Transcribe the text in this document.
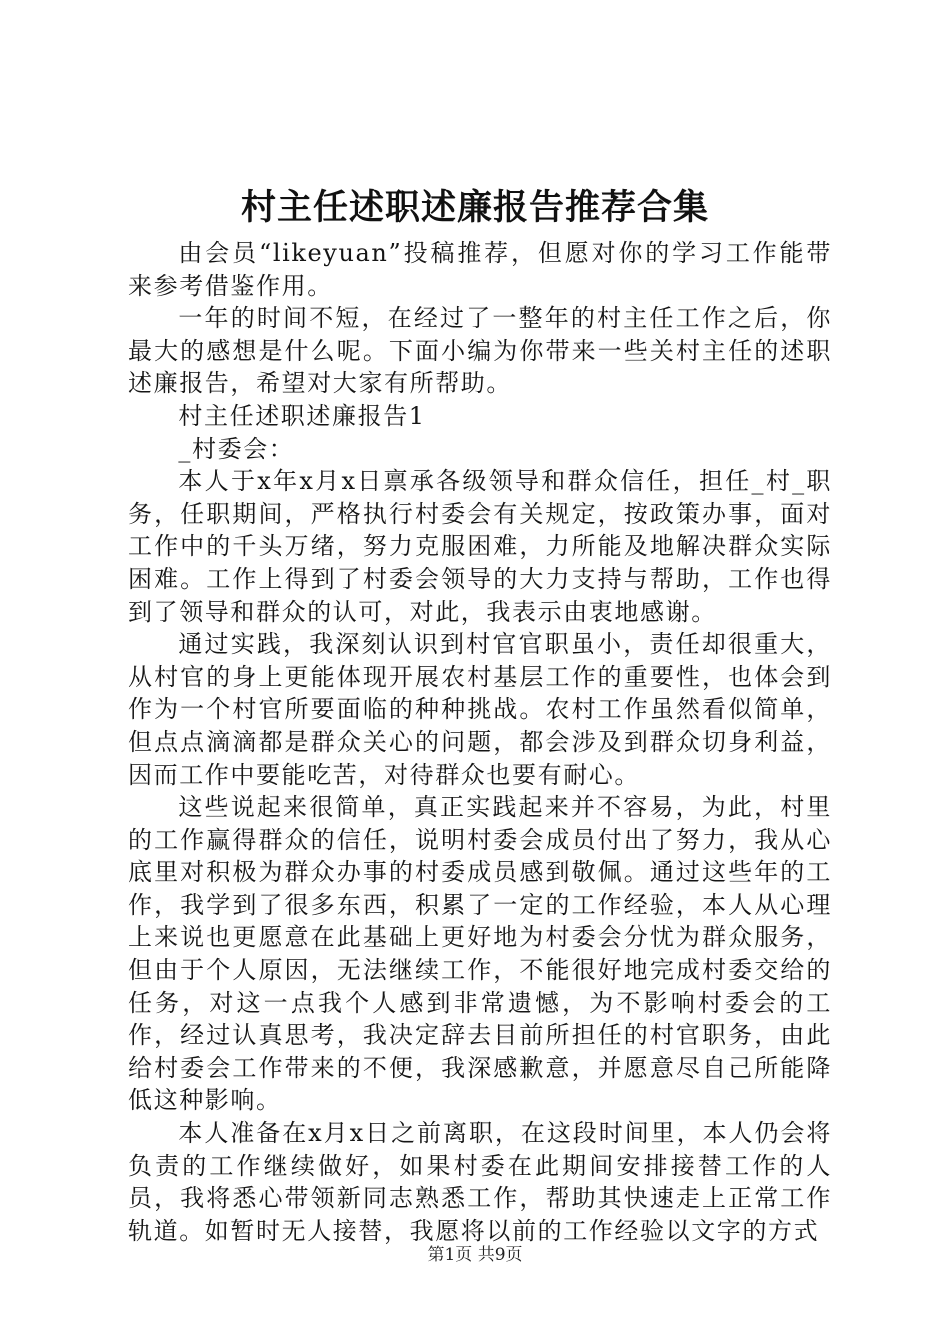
村主任述职述廉报告推荐合集

由会员“likeyuan”投稿推荐，但愿对你的学习工作能带来参考借鉴作用。

一年的时间不短，在经过了一整年的村主任工作之后，你最大的感想是什么呢。下面小编为你带来一些关村主任的述职述廉报告，希望对大家有所帮助。

村主任述职述廉报告1

_村委会：

本人于x年x月x日禀承各级领导和群众信任，担任_村_职务，任职期间，严格执行村委会有关规定，按政策办事，面对工作中的千头万绪，努力克服困难，力所能及地解决群众实际困难。工作上得到了村委会领导的大力支持与帮助，工作也得到了领导和群众的认可，对此，我表示由衷地感谢。

通过实践，我深刻认识到村官官职虽小，责任却很重大，从村官的身上更能体现开展农村基层工作的重要性，也体会到作为一个村官所要面临的种种挑战。农村工作虽然看似简单，但点点滴滴都是群众关心的问题，都会涉及到群众切身利益，因而工作中要能吃苦，对待群众也要有耐心。

这些说起来很简单，真正实践起来并不容易，为此，村里的工作赢得群众的信任，说明村委会成员付出了努力，我从心底里对积极为群众办事的村委成员感到敬佩。通过这些年的工作，我学到了很多东西，积累了一定的工作经验，本人从心理上来说也更愿意在此基础上更好地为村委会分忧为群众服务，但由于个人原因，无法继续工作，不能很好地完成村委交给的任务，对这一点我个人感到非常遗憾，为不影响村委会的工作，经过认真思考，我决定辞去目前所担任的村官职务，由此给村委会工作带来的不便，我深感歉意，并愿意尽自己所能降低这种影响。

本人准备在x月x日之前离职，在这段时间里，本人仍会将负责的工作继续做好，如果村委在此期间安排接替工作的人员，我将悉心带领新同志熟悉工作，帮助其快速走上正常工作轨道。如暂时无人接替，我愿将以前的工作经验以文字的方式

第1页 共9页
